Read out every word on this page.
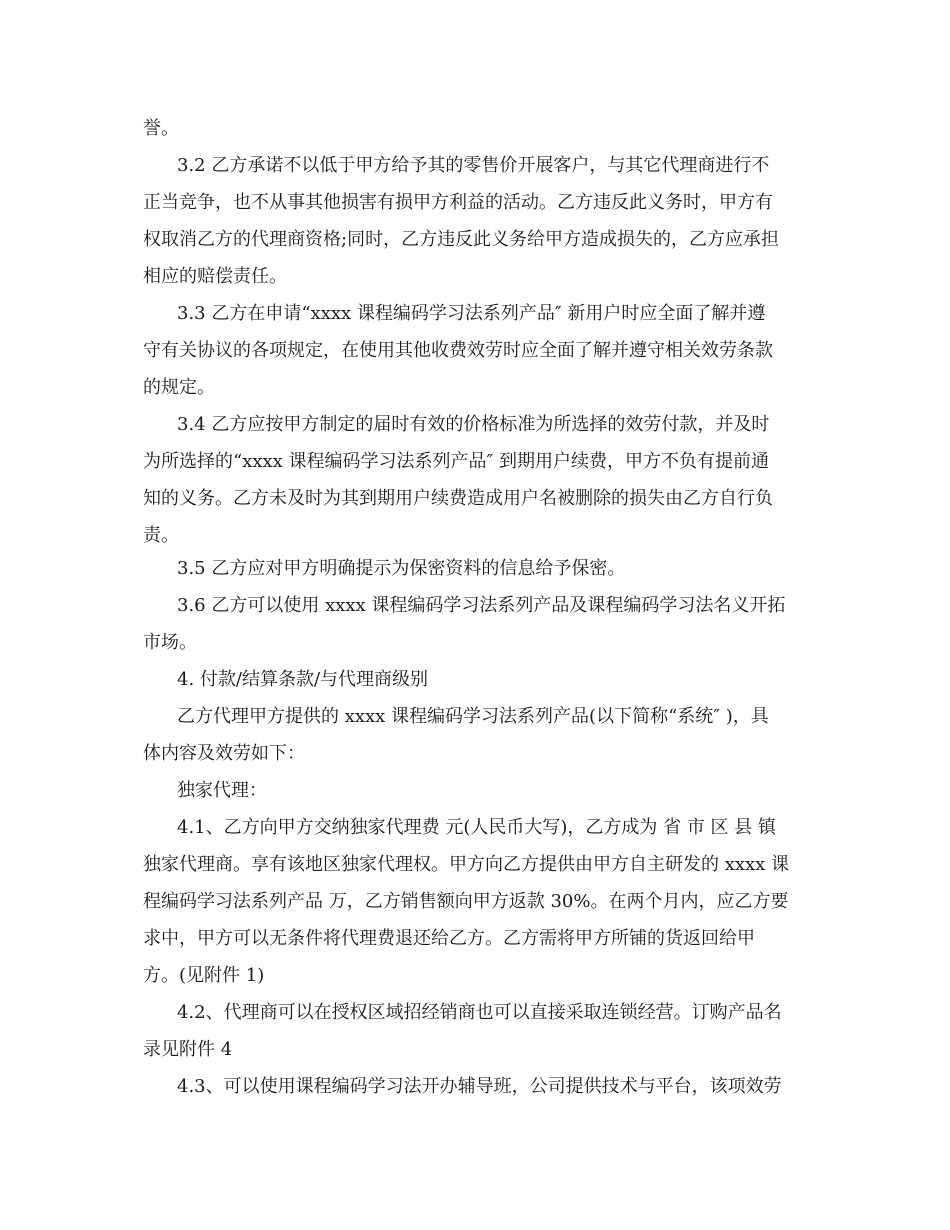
誉。
3.2 乙方承诺不以低于甲方给予其的零售价开展客户，与其它代理商进行不
正当竞争，也不从事其他损害有损甲方利益的活动。乙方违反此义务时，甲方有
权取消乙方的代理商资格;同时，乙方违反此义务给甲方造成损失的，乙方应承担
相应的赔偿责任。
3.3 乙方在申请“xxxx 课程编码学习法系列产品″ 新用户时应全面了解并遵
守有关协议的各项规定，在使用其他收费效劳时应全面了解并遵守相关效劳条款
的规定。
3.4 乙方应按甲方制定的届时有效的价格标准为所选择的效劳付款，并及时
为所选择的“xxxx 课程编码学习法系列产品″ 到期用户续费，甲方不负有提前通
知的义务。乙方未及时为其到期用户续费造成用户名被删除的损失由乙方自行负
责。
3.5 乙方应对甲方明确提示为保密资料的信息给予保密。
3.6 乙方可以使用 xxxx 课程编码学习法系列产品及课程编码学习法名义开拓
市场。
4. 付款/结算条款/与代理商级别
乙方代理甲方提供的 xxxx 课程编码学习法系列产品(以下简称“系统″ )，具
体内容及效劳如下：
独家代理：
4.1、乙方向甲方交纳独家代理费 元(人民币大写)，乙方成为 省 市 区 县 镇
独家代理商。享有该地区独家代理权。甲方向乙方提供由甲方自主研发的 xxxx 课
程编码学习法系列产品 万，乙方销售额向甲方返款 30%。在两个月内，应乙方要
求中，甲方可以无条件将代理费退还给乙方。乙方需将甲方所铺的货返回给甲
方。(见附件 1)
4.2、代理商可以在授权区域招经销商也可以直接采取连锁经营。订购产品名
录见附件 4
4.3、可以使用课程编码学习法开办辅导班，公司提供技术与平台，该项效劳
